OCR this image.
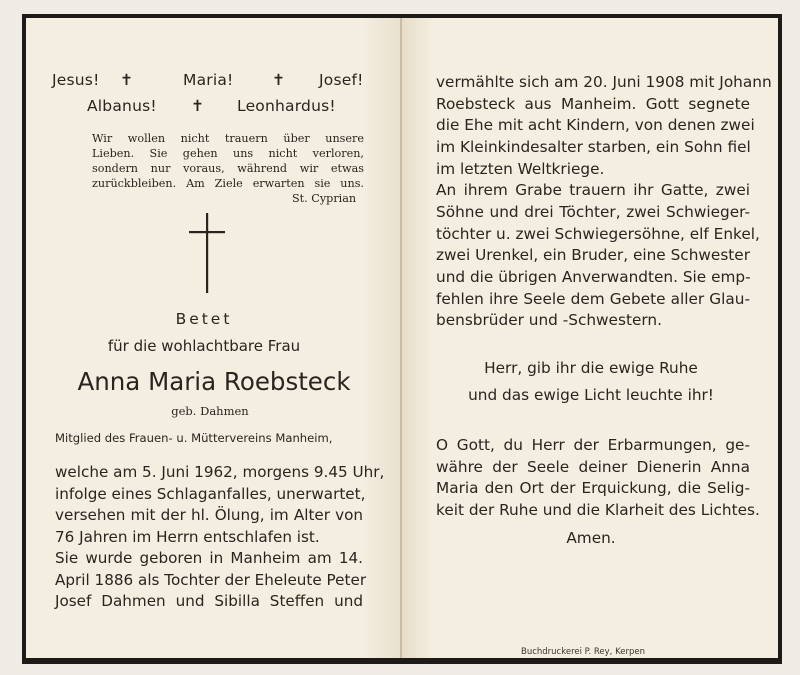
Jesus! ✝	Maria! ✝ Josef!
Albanus! ✝ Leonhardus!
Wir wollen nicht trauern über unsere
Lieben. Sie gehen uns nicht verloren,
sondern nur voraus, während wir etwas
zurückbleiben. Am Ziele erwarten sie uns.
St. Cyprian
Betet
für die wohlachtbare Frau
Anna Maria Roebsteck
geb. Dahmen
Mitglied des Frauen- u. Müttervereins Manheim,
welche am 5. Juni 1962, morgens 9.45 Uhr,
infolge eines Schlaganfalles, unerwartet,
versehen mit der hl. Ölung, im Alter von
76 Jahren im Herrn entschlafen ist.
Sie wurde geboren in Manheim am 14.
April 1886 als Tochter der Eheleute Peter
Josef Dahmen und Sibilla Steffen und
vermählte sich am 20. Juni 1908 mit Johann
Roebsteck aus Manheim. Gott segnete
die Ehe mit acht Kindern, von denen zwei
im Kleinkindesalter starben, ein Sohn fiel
im letzten Weltkriege.
An ihrem Grabe trauern ihr Gatte, zwei
Söhne und drei Töchter, zwei Schwieger-
töchter u. zwei Schwiegersöhne, elf Enkel,
zwei Urenkel, ein Bruder, eine Schwester
und die übrigen Anverwandten. Sie emp-
fehlen ihre Seele dem Gebete aller Glau-
bensbrüder und -Schwestern.
Herr, gib ihr die ewige Ruhe
und das ewige Licht leuchte ihr!
O Gott, du Herr der Erbarmungen, ge-
währe der Seele deiner Dienerin Anna
Maria den Ort der Erquickung, die Selig-
keit der Ruhe und die Klarheit des Lichtes.
Amen.
Buchdruckerei P. Rey, Kerpen
